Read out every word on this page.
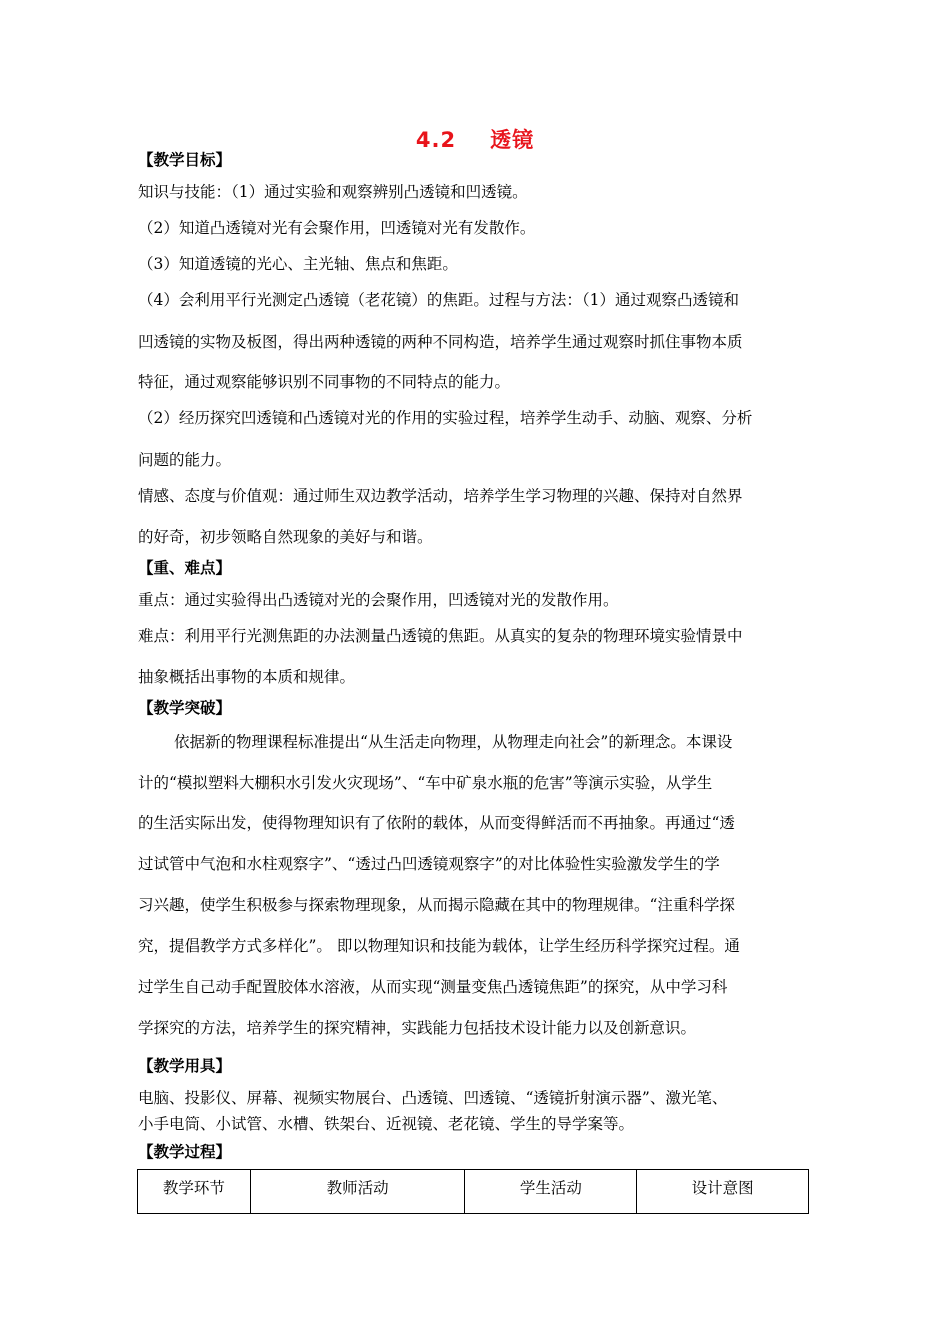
4.2 透镜
【教学目标】
知识与技能：（1）通过实验和观察辨别凸透镜和凹透镜。
（2）知道凸透镜对光有会聚作用，凹透镜对光有发散作。
（3）知道透镜的光心、主光轴、焦点和焦距。
（4）会利用平行光测定凸透镜（老花镜）的焦距。过程与方法：（1）通过观察凸透镜和
凹透镜的实物及板图，得出两种透镜的两种不同构造，培养学生通过观察时抓住事物本质
特征，通过观察能够识别不同事物的不同特点的能力。
（2）经历探究凹透镜和凸透镜对光的作用的实验过程，培养学生动手、动脑、观察、分析
问题的能力。
情感、态度与价值观：通过师生双边教学活动，培养学生学习物理的兴趣、保持对自然界
的好奇，初步领略自然现象的美好与和谐。
【重、难点】
重点：通过实验得出凸透镜对光的会聚作用，凹透镜对光的发散作用。
难点：利用平行光测焦距的办法测量凸透镜的焦距。从真实的复杂的物理环境实验情景中
抽象概括出事物的本质和规律。
【教学突破】
依据新的物理课程标准提出“从生活走向物理，从物理走向社会”的新理念。本课设
计的“模拟塑料大棚积水引发火灾现场”、“车中矿泉水瓶的危害”等演示实验，从学生
的生活实际出发，使得物理知识有了依附的载体，从而变得鲜活而不再抽象。再通过“透
过试管中气泡和水柱观察字”、“透过凸凹透镜观察字”的对比体验性实验激发学生的学
习兴趣，使学生积极参与探索物理现象，从而揭示隐藏在其中的物理规律。“注重科学探
究，提倡教学方式多样化”。 即以物理知识和技能为载体，让学生经历科学探究过程。通
过学生自己动手配置胶体水溶液，从而实现“测量变焦凸透镜焦距”的探究，从中学习科
学探究的方法，培养学生的探究精神，实践能力包括技术设计能力以及创新意识。
【教学用具】
电脑、投影仪、屏幕、视频实物展台、凸透镜、凹透镜、“透镜折射演示器”、激光笔、
小手电筒、小试管、水槽、铁架台、近视镜、老花镜、学生的导学案等。
【教学过程】
教学环节	教师活动	学生活动	设计意图
